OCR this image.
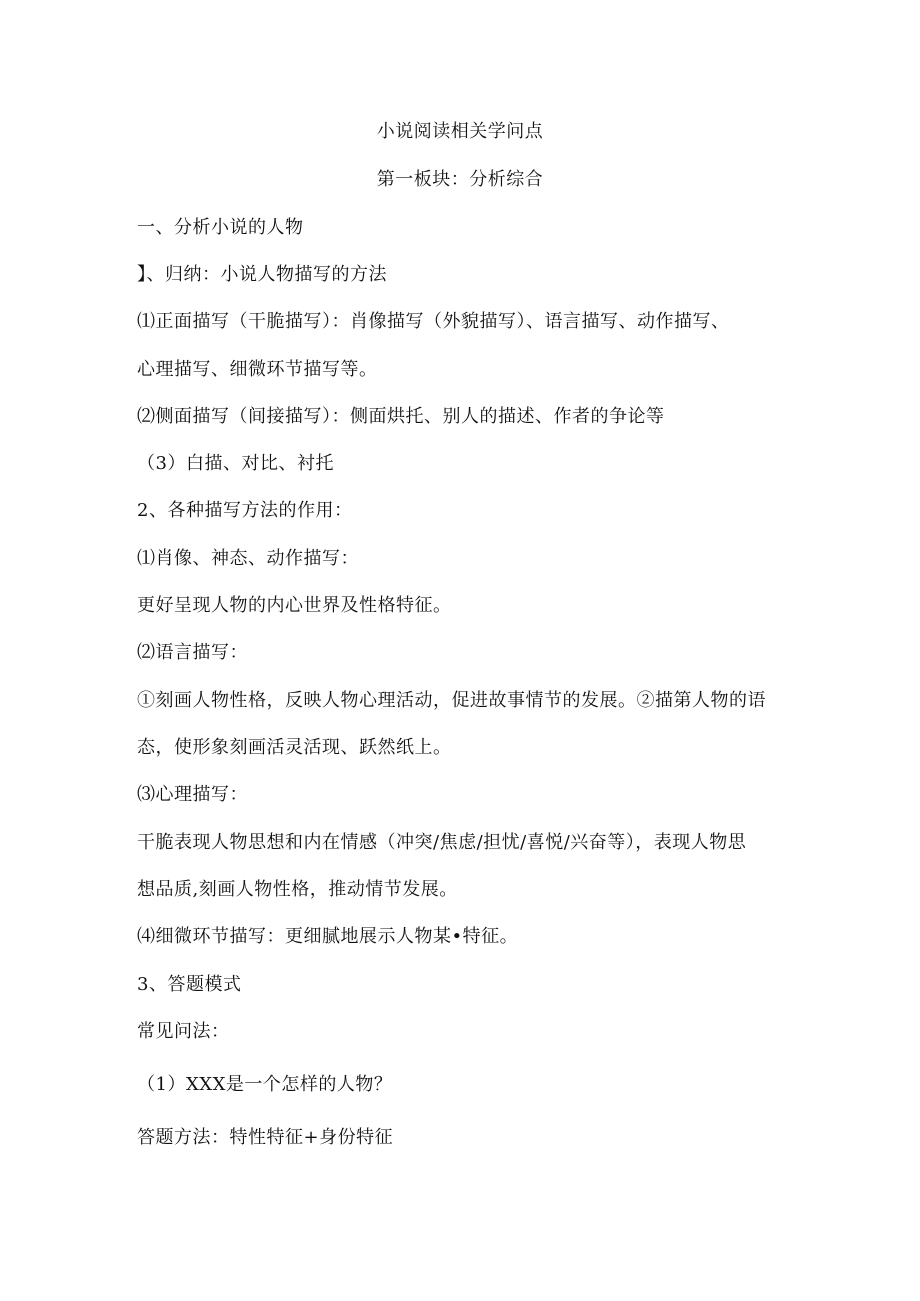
小说阅读相关学问点
第一板块：分析综合
一、分析小说的人物
】、归纳：小说人物描写的方法
⑴正面描写（干脆描写）：肖像描写（外貌描写）、语言描写、动作描写、
心理描写、细微环节描写等。
⑵侧面描写（间接描写）：侧面烘托、别人的描述、作者的争论等
（3）白描、对比、衬托
2、各种描写方法的作用：
⑴肖像、神态、动作描写：
更好呈现人物的内心世界及性格特征。
⑵语言描写：
①刻画人物性格，反映人物心理活动，促进故事情节的发展。②描第人物的语
态，使形象刻画活灵活现、跃然纸上。
⑶心理描写：
干脆表现人物思想和内在情感（冲突/焦虑/担忧/喜悦/兴奋等），表现人物思
想品质,刻画人物性格，推动情节发展。
⑷细微环节描写：更细腻地展示人物某•特征。
3、答题模式
常见问法：
（1）XXX是一个怎样的人物？
答题方法：特性特征+身份特征
